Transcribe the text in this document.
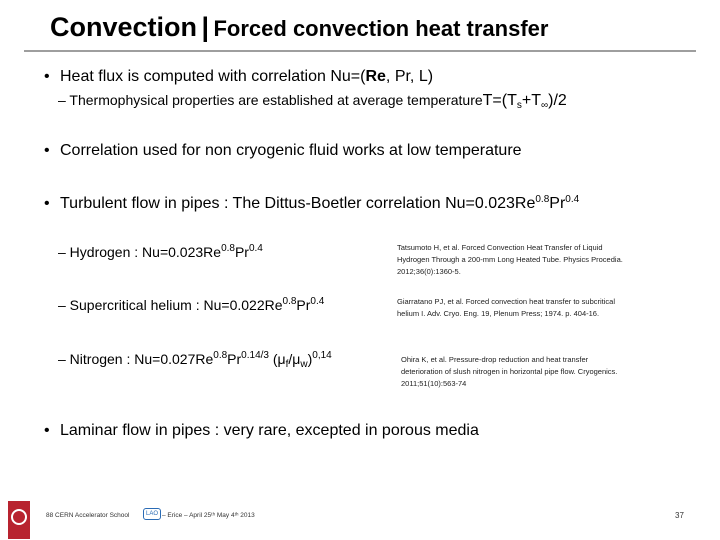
Convection | Forced convection heat transfer
• Heat flux is computed with correlation Nu=(Re, Pr, L)
– Thermophysical properties are established at average $temperatureT=(T_s+T_\infty)/2$
• Correlation used for non cryogenic fluid works at low temperature
• Turbulent flow in pipes : The Dittus-Boetler correlation $Nu=0.023Re^{0.8}Pr^{0.4}$
– Hydrogen : $Nu=0.023Re^{0.8}Pr^{0.4}$	Tatsumoto H, et al. Forced Convection Heat Transfer of Liquid Hydrogen Through a 200-mm Long Heated Tube. Physics Procedia. 2012;36(0):1360-5.
– Supercritical helium : $Nu=0.022Re^{0.8}Pr^{0.4}$	Giarratano PJ, et al. Forced convection heat transfer to subcritical helium I. Adv. Cryo. Eng. 19, Plenum Press; 1974. p. 404-16.
– Nitrogen : $Nu=0.027Re^{0.8}Pr^{0.14/3}$ $(\mu_f/\mu_w)^{0,14}$	Ohira K, et al. Pressure-drop reduction and heat transfer deterioration of slush nitrogen in horizontal pipe flow. Cryogenics. 2011;51(10):563-74
• Laminar flow in pipes : very rare, excepted in porous media
88 CERN Accelerator School	LAO – Erice – April 25ᵗʰ May 4ᵗʰ 2013	37
